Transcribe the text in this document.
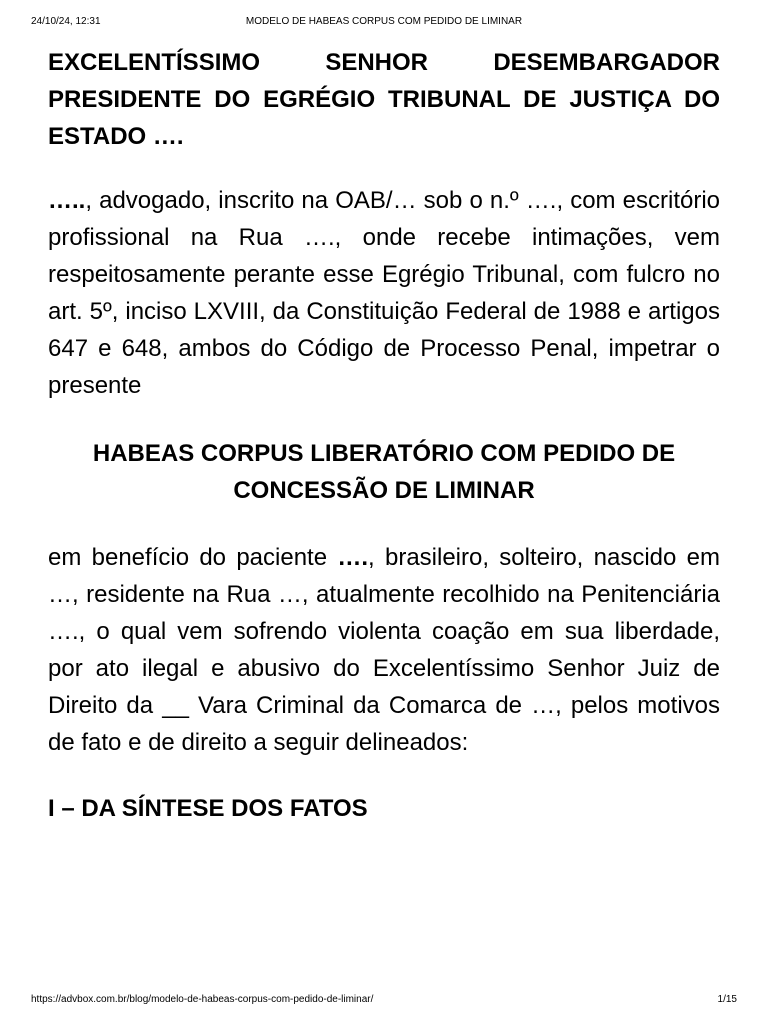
24/10/24, 12:31	MODELO DE HABEAS CORPUS COM PEDIDO DE LIMINAR

EXCELENTÍSSIMO SENHOR DESEMBARGADOR PRESIDENTE DO EGRÉGIO TRIBUNAL DE JUSTIÇA DO ESTADO ….

….., advogado, inscrito na OAB/… sob o n.º …., com escritório profissional na Rua …., onde recebe intimações, vem respeitosamente perante esse Egrégio Tribunal, com fulcro no art. 5º, inciso LXVIII, da Constituição Federal de 1988 e artigos 647 e 648, ambos do Código de Processo Penal, impetrar o presente

HABEAS CORPUS LIBERATÓRIO COM PEDIDO DE CONCESSÃO DE LIMINAR

em benefício do paciente …., brasileiro, solteiro, nascido em …, residente na Rua …, atualmente recolhido na Penitenciária …., o qual vem sofrendo violenta coação em sua liberdade, por ato ilegal e abusivo do Excelentíssimo Senhor Juiz de Direito da __ Vara Criminal da Comarca de …, pelos motivos de fato e de direito a seguir delineados:

I – DA SÍNTESE DOS FATOS

https://advbox.com.br/blog/modelo-de-habeas-corpus-com-pedido-de-liminar/	1/15
